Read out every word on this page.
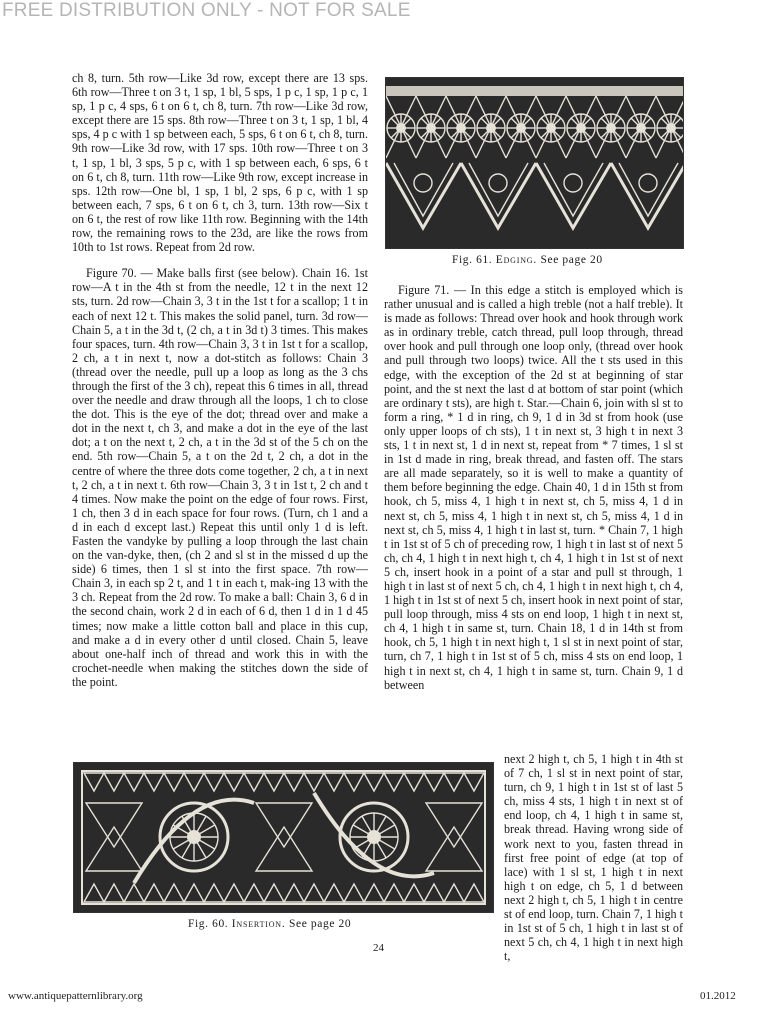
FREE DISTRIBUTION ONLY - NOT FOR SALE

ch 8, turn. 5th row—Like 3d row, except there are 13 sps. 6th row—Three t on 3 t, 1 sp, 1 bl, 5 sps, 1 p c, 1 sp, 1 p c, 1 sp, 1 p c, 4 sps, 6 t on 6 t, ch 8, turn. 7th row—Like 3d row, except there are 15 sps. 8th row—Three t on 3 t, 1 sp, 1 bl, 4 sps, 4 p c with 1 sp between each, 5 sps, 6 t on 6 t, ch 8, turn. 9th row—Like 3d row, with 17 sps. 10th row—Three t on 3 t, 1 sp, 1 bl, 3 sps, 5 p c, with 1 sp between each, 6 sps, 6 t on 6 t, ch 8, turn. 11th row—Like 9th row, except increase in sps. 12th row—One bl, 1 sp, 1 bl, 2 sps, 6 p c, with 1 sp between each, 7 sps, 6 t on 6 t, ch 3, turn. 13th row—Six t on 6 t, the rest of row like 11th row. Beginning with the 14th row, the remaining rows to the 23d, are like the rows from 10th to 1st rows. Repeat from 2d row.

Figure 70. — Make balls first (see below). Chain 16. 1st row—A t in the 4th st from the needle, 12 t in the next 12 sts, turn. 2d row—Chain 3, 3 t in the 1st t for a scallop; 1 t in each of next 12 t. This makes the solid panel, turn. 3d row—Chain 5, a t in the 3d t, (2 ch, a t in 3d t) 3 times. This makes four spaces, turn. 4th row—Chain 3, 3 t in 1st t for a scallop, 2 ch, a t in next t, now a dot-stitch as follows: Chain 3 (thread over the needle, pull up a loop as long as the 3 chs through the first of the 3 ch), repeat this 6 times in all, thread over the needle and draw through all the loops, 1 ch to close the dot. This is the eye of the dot; thread over and make a dot in the next t, ch 3, and make a dot in the eye of the last dot; a t on the next t, 2 ch, a t in the 3d st of the 5 ch on the end. 5th row—Chain 5, a t on the 2d t, 2 ch, a dot in the centre of where the three dots come together, 2 ch, a t in next t, 2 ch, a t in next t. 6th row—Chain 3, 3 t in 1st t, 2 ch and t 4 times. Now make the point on the edge of four rows. First, 1 ch, then 3 d in each space for four rows. (Turn, ch 1 and a d in each d except last.) Repeat this until only 1 d is left. Fasten the vandyke by pulling a loop through the last chain on the van-dyke, then, (ch 2 and sl st in the missed d up the side) 6 times, then 1 sl st into the first space. 7th row—Chain 3, in each sp 2 t, and 1 t in each t, mak-ing 13 with the 3 ch. Repeat from the 2d row. To make a ball: Chain 3, 6 d in the second chain, work 2 d in each of 6 d, then 1 d in 1 d 45 times; now make a little cotton ball and place in this cup, and make a d in every other d until closed. Chain 5, leave about one-half inch of thread and work this in with the crochet-needle when making the stitches down the side of the point.

Fig. 61. Edging. See page 20

Figure 71. — In this edge a stitch is employed which is rather unusual and is called a high treble (not a half treble). It is made as follows: Thread over hook and hook through work as in ordinary treble, catch thread, pull loop through, thread over hook and pull through one loop only, (thread over hook and pull through two loops) twice. All the t sts used in this edge, with the exception of the 2d st at beginning of star point, and the st next the last d at bottom of star point (which are ordinary t sts), are high t. Star.—Chain 6, join with sl st to form a ring, * 1 d in ring, ch 9, 1 d in 3d st from hook (use only upper loops of ch sts), 1 t in next st, 3 high t in next 3 sts, 1 t in next st, 1 d in next st, repeat from * 7 times, 1 sl st in 1st d made in ring, break thread, and fasten off. The stars are all made separately, so it is well to make a quantity of them before beginning the edge. Chain 40, 1 d in 15th st from hook, ch 5, miss 4, 1 high t in next st, ch 5, miss 4, 1 d in next st, ch 5, miss 4, 1 high t in next st, ch 5, miss 4, 1 d in next st, ch 5, miss 4, 1 high t in last st, turn. * Chain 7, 1 high t in 1st st of 5 ch of preceding row, 1 high t in last st of next 5 ch, ch 4, 1 high t in next high t, ch 4, 1 high t in 1st st of next 5 ch, insert hook in a point of a star and pull st through, 1 high t in last st of next 5 ch, ch 4, 1 high t in next high t, ch 4, 1 high t in 1st st of next 5 ch, insert hook in next point of star, pull loop through, miss 4 sts on end loop, 1 high t in next st, ch 4, 1 high t in same st, turn. Chain 18, 1 d in 14th st from hook, ch 5, 1 high t in next high t, 1 sl st in next point of star, turn, ch 7, 1 high t in 1st st of 5 ch, miss 4 sts on end loop, 1 high t in next st, ch 4, 1 high t in same st, turn. Chain 9, 1 d between

next 2 high t, ch 5, 1 high t in 4th st of 7 ch, 1 sl st in next point of star, turn, ch 9, 1 high t in 1st st of last 5 ch, miss 4 sts, 1 high t in next st of end loop, ch 4, 1 high t in same st, break thread. Having wrong side of work next to you, fasten thread in first free point of edge (at top of lace) with 1 sl st, 1 high t in next high t on edge, ch 5, 1 d between next 2 high t, ch 5, 1 high t in centre st of end loop, turn. Chain 7, 1 high t in 1st st of 5 ch, 1 high t in last st of next 5 ch, ch 4, 1 high t in next high t,

Fig. 60. Insertion. See page 20
24
www.antiquepatternlibrary.org	01.2012
